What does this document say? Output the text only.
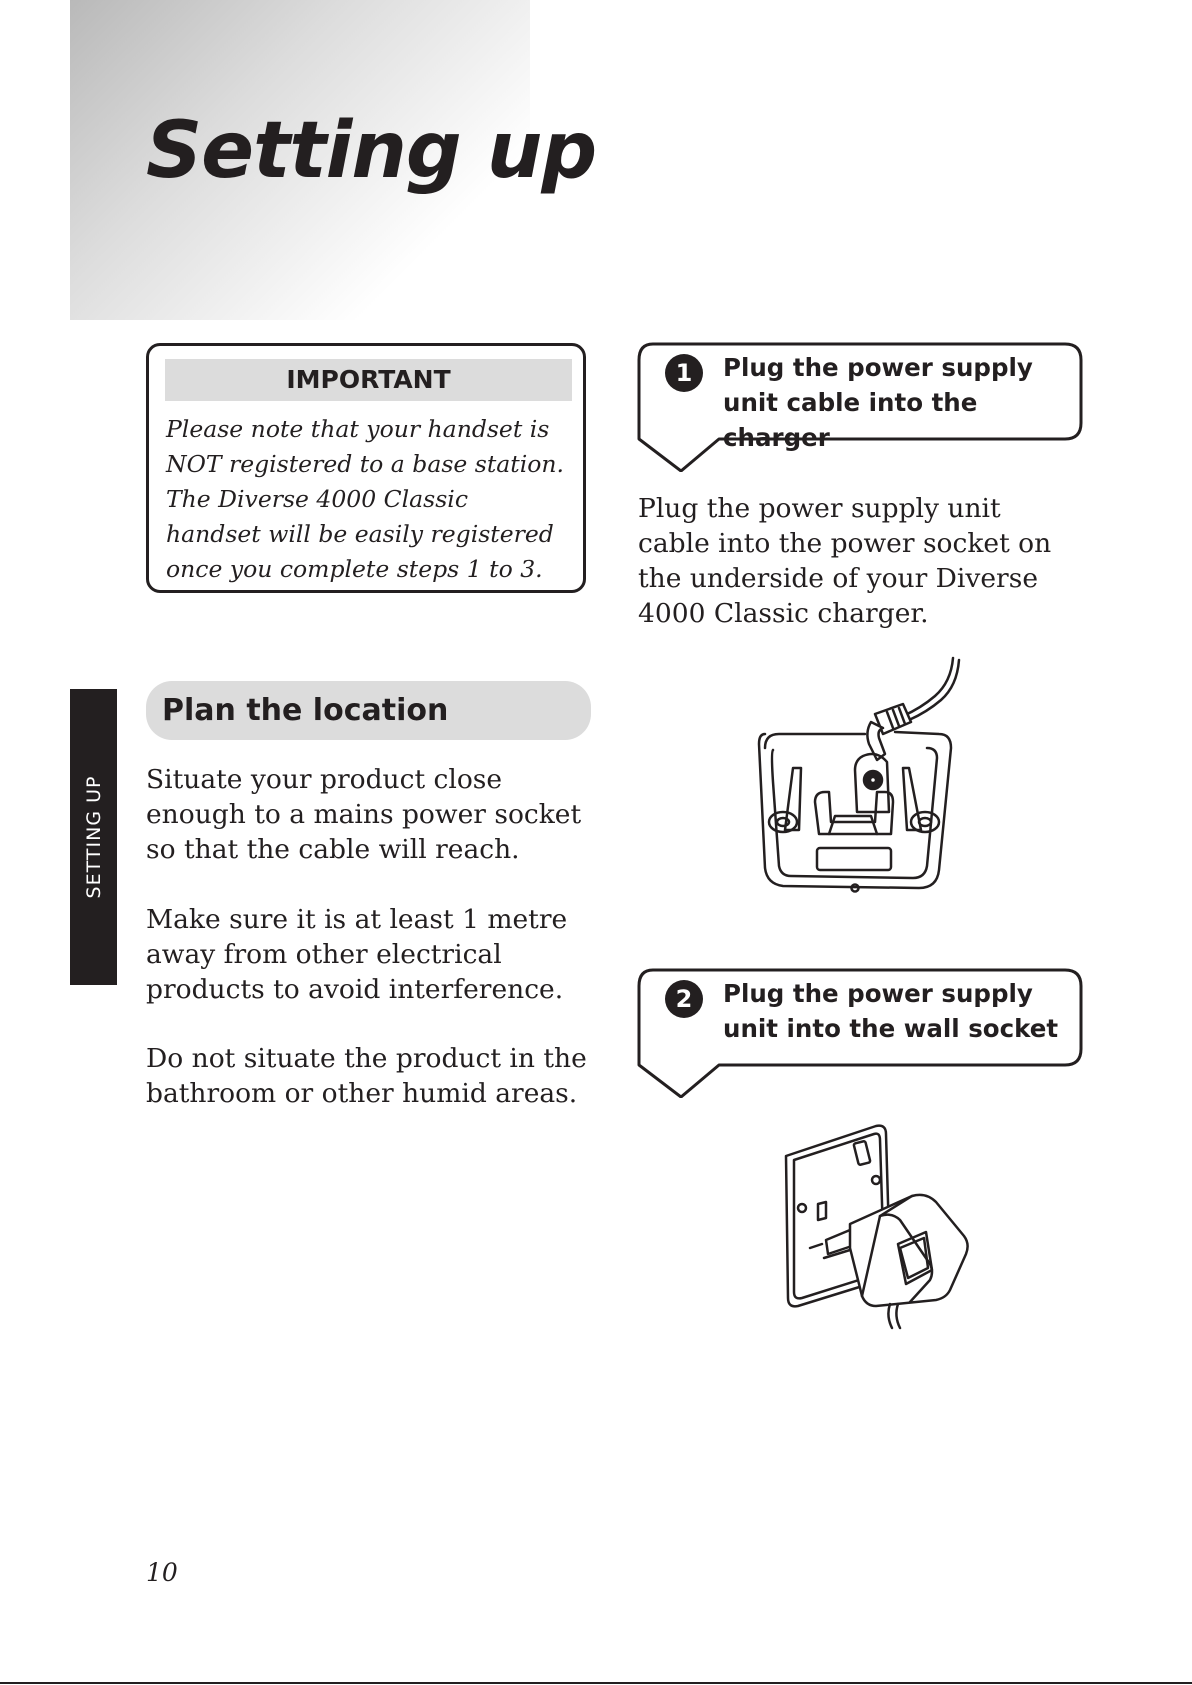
Setting up
SETTING UP
IMPORTANT

Please note that your handset is NOT registered to a base station. The Diverse 4000 Classic handset will be easily registered once you complete steps 1 to 3.

Plan the location

Situate your product close enough to a mains power socket so that the cable will reach.

Make sure it is at least 1 metre away from other electrical products to avoid interference.

Do not situate the product in the bathroom or other humid areas.

1	Plug the power supply unit cable into the charger

Plug the power supply unit cable into the power socket on the underside of your Diverse 4000 Classic charger.

2	Plug the power supply unit into the wall socket

10
